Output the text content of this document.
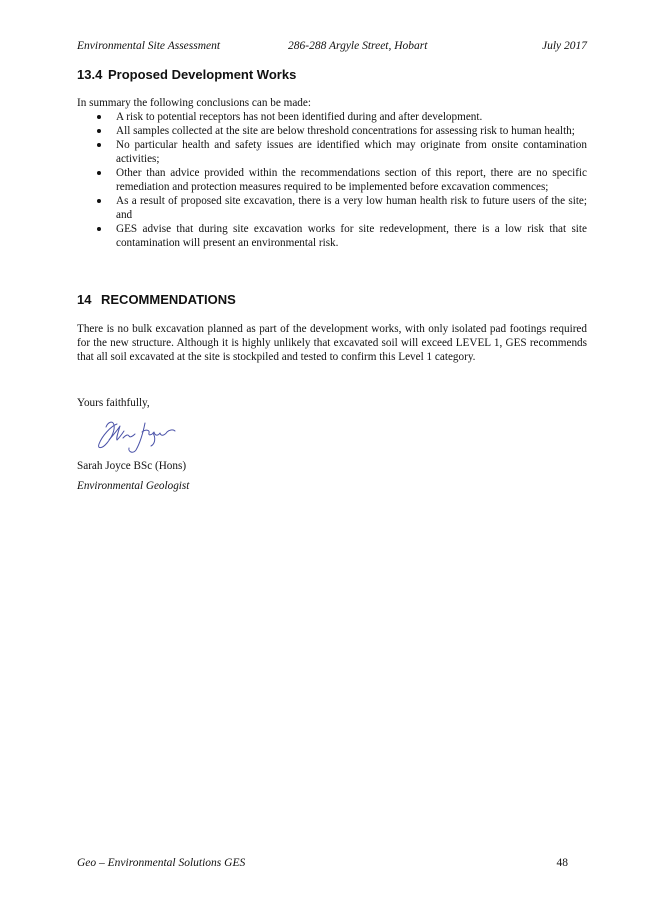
Environmental Site Assessment	286-288 Argyle Street, Hobart	July 2017
13.4 Proposed Development Works

In summary the following conclusions can be made:

A risk to potential receptors has not been identified during and after development.
All samples collected at the site are below threshold concentrations for assessing risk to human health;
No particular health and safety issues are identified which may originate from onsite contamination activities;
Other than advice provided within the recommendations section of this report, there are no specific remediation and protection measures required to be implemented before excavation commences;
As a result of proposed site excavation, there is a very low human health risk to future users of the site; and
GES advise that during site excavation works for site redevelopment, there is a low risk that site contamination will present an environmental risk.
14 RECOMMENDATIONS

There is no bulk excavation planned as part of the development works, with only isolated pad footings required for the new structure. Although it is highly unlikely that excavated soil will exceed LEVEL 1, GES recommends that all soil excavated at the site is stockpiled and tested to confirm this Level 1 category.

Yours faithfully,

Sarah Joyce BSc (Hons)

Environmental Geologist

Geo – Environmental Solutions GES	48
